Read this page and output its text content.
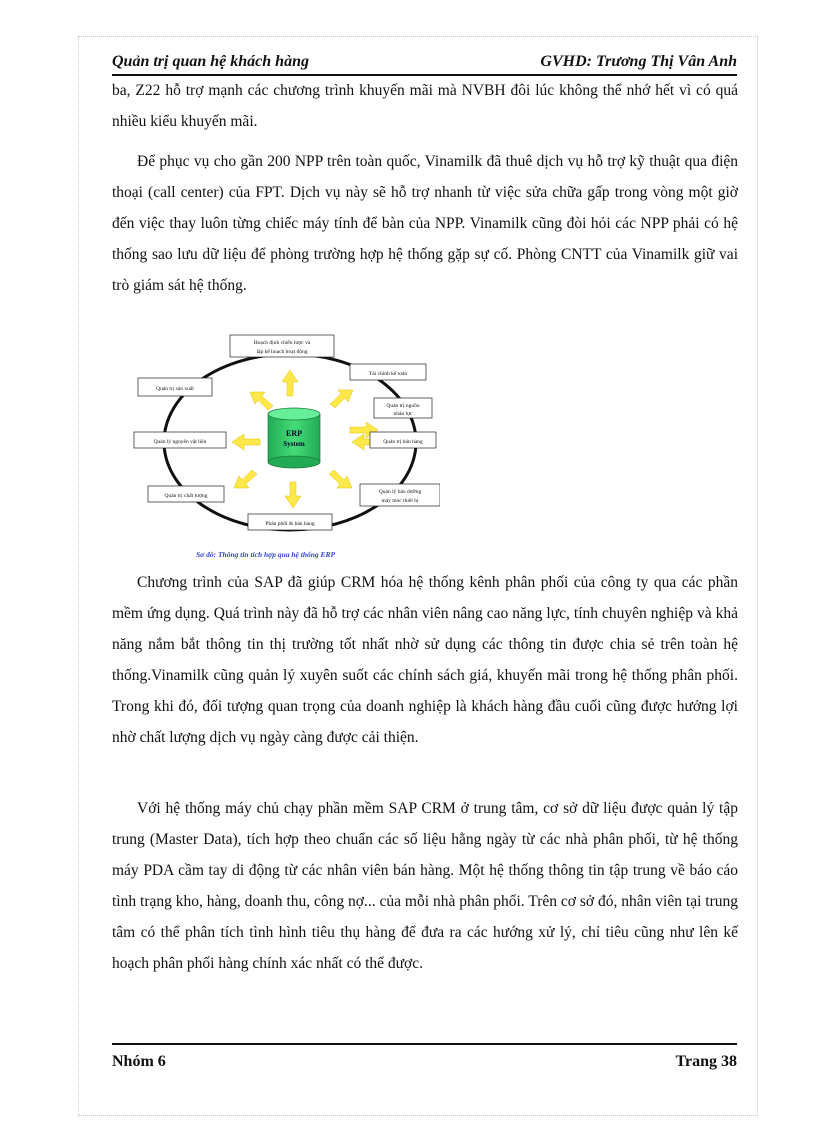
Quản trị quan hệ khách hàng	GVHD: Trương Thị Vân Anh

ba, Z22 hỗ trợ mạnh các chương trình khuyến mãi mà NVBH đôi lúc không thể nhớ hết vì có quá nhiều kiểu khuyến mãi.

Để phục vụ cho gần 200 NPP trên toàn quốc, Vinamilk đã thuê dịch vụ hỗ trợ kỹ thuật qua điện thoại (call center) của FPT. Dịch vụ này sẽ hỗ trợ nhanh từ việc sửa chữa gấp trong vòng một giờ đến việc thay luôn từng chiếc máy tính để bàn của NPP. Vinamilk cũng đòi hỏi các NPP phải có hệ thống sao lưu dữ liệu để phòng trường hợp hệ thống gặp sự cố. Phòng CNTT của Vinamilk giữ vai trò giám sát hệ thống.

ERP
System
Hoạch định chiến lược và
lập kế hoạch hoạt động
Tài chính kế toán
Quản trị nguồn
nhân lực
Quản trị bán hàng
Quản lý bảo dưỡng
máy móc thiết bị
Phân phối & bán hàng
Quản trị chất lượng
Quản lý nguyên vật liệu
Quản trị sản xuất
Sơ đồ: Thông tin tích hợp qua hệ thống ERP

Chương trình của SAP đã giúp CRM hóa hệ thống kênh phân phối của công ty qua các phần mềm ứng dụng. Quá trình này đã hỗ trợ các nhân viên nâng cao năng lực, tính chuyên nghiệp và khả năng nắm bắt thông tin thị trường tốt nhất nhờ sử dụng các thông tin được chia sẻ trên toàn hệ thống.Vinamilk cũng quản lý xuyên suốt các chính sách giá, khuyến mãi trong hệ thống phân phối. Trong khi đó, đối tượng quan trọng của doanh nghiệp là khách hàng đầu cuối cũng được hưởng lợi nhờ chất lượng dịch vụ ngày càng được cải thiện.

Với hệ thống máy chủ chạy phần mềm SAP CRM ở trung tâm, cơ sở dữ liệu được quản lý tập trung (Master Data), tích hợp theo chuẩn các số liệu hằng ngày từ các nhà phân phối, từ hệ thống máy PDA cầm tay di động từ các nhân viên bán hàng. Một hệ thống thông tin tập trung về báo cáo tình trạng kho, hàng, doanh thu, công nợ... của mỗi nhà phân phối. Trên cơ sở đó, nhân viên tại trung tâm có thể phân tích tình hình tiêu thụ hàng để đưa ra các hướng xử lý, chỉ tiêu cũng như lên kế hoạch phân phối hàng chính xác nhất có thể được.

Nhóm 6	Trang 38
